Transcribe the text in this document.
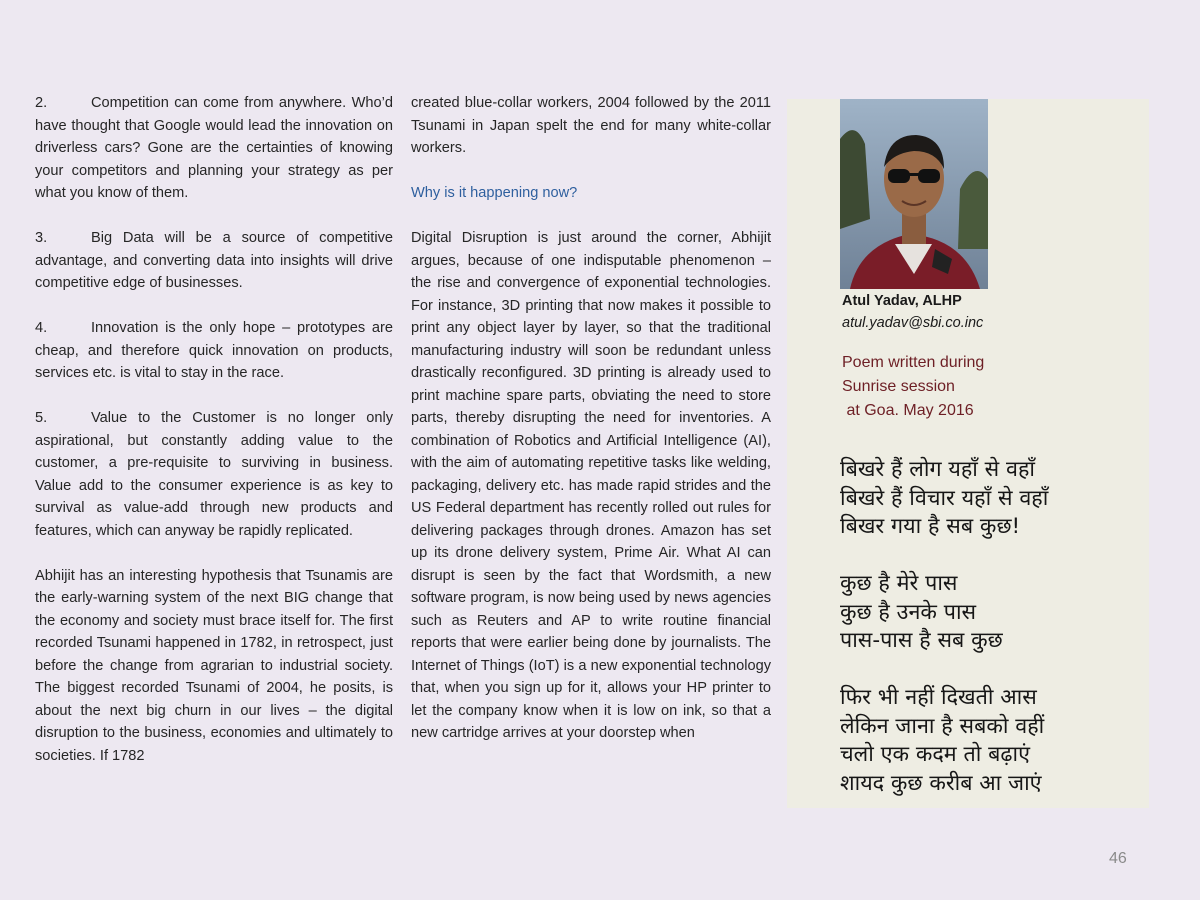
2.	Competition can come from anywhere. Who’d have thought that Google would lead the innovation on driverless cars? Gone are the certainties of knowing your competitors and planning your strategy as per what you know of them.

3.	Big Data will be a source of competitive advantage, and converting data into insights will drive competitive edge of businesses.

4.	Innovation is the only hope – prototypes are cheap, and therefore quick innovation on products, services etc. is vital to stay in the race.

5.	Value to the Customer is no longer only aspirational, but constantly adding value to the customer, a pre-requisite to surviving in business. Value add to the consumer experience is as key to survival as value-add through new products and features, which can anyway be rapidly replicated.

Abhijit has an interesting hypothesis that Tsunamis are the early-warning system of the next BIG change that the economy and society must brace itself for. The first recorded Tsunami happened in 1782, in retrospect, just before the change from agrarian to industrial society. The biggest recorded Tsunami of 2004, he posits, is about the next big churn in our lives – the digital disruption to the business, economies and ultimately to societies. If 1782

created blue-collar workers, 2004 followed by the 2011 Tsunami in Japan spelt the end for many white-collar workers.

Why is it happening now?

Digital Disruption is just around the corner, Abhijit argues, because of one indisputable phenomenon – the rise and convergence of exponential technologies. For instance, 3D printing that now makes it possible to print any object layer by layer, so that the traditional manufacturing industry will soon be redundant unless drastically reconfigured. 3D printing is already used to print machine spare parts, obviating the need to store parts, thereby disrupting the need for inventories. A combination of Robotics and Artificial Intelligence (AI), with the aim of automating repetitive tasks like welding, packaging, delivery etc. has made rapid strides and the US Federal department has recently rolled out rules for delivering packages through drones. Amazon has set up its drone delivery system, Prime Air. What AI can disrupt is seen by the fact that Wordsmith, a new software program, is now being used by news agencies such as Reuters and AP to write routine financial reports that were earlier being done by journalists. The Internet of Things (IoT) is a new exponential technology that, when you sign up for it, allows your HP printer to let the company know when it is low on ink, so that a new cartridge arrives at your doorstep when

Atul Yadav, ALHP
atul.yadav@sbi.co.inc
Poem written during
Sunrise session
at Goa. May 2016
बिखरे हैं लोग यहाँ से वहाँ
बिखरे हैं विचार यहाँ से वहाँ
बिखर गया है सब कुछ!
कुछ है मेरे पास
कुछ है उनके पास
पास-पास है सब कुछ
फिर भी नहीं दिखती आस
लेकिन जाना है सबको वहीं
चलो एक कदम तो बढ़ाएं
शायद कुछ करीब आ जाएं
46
